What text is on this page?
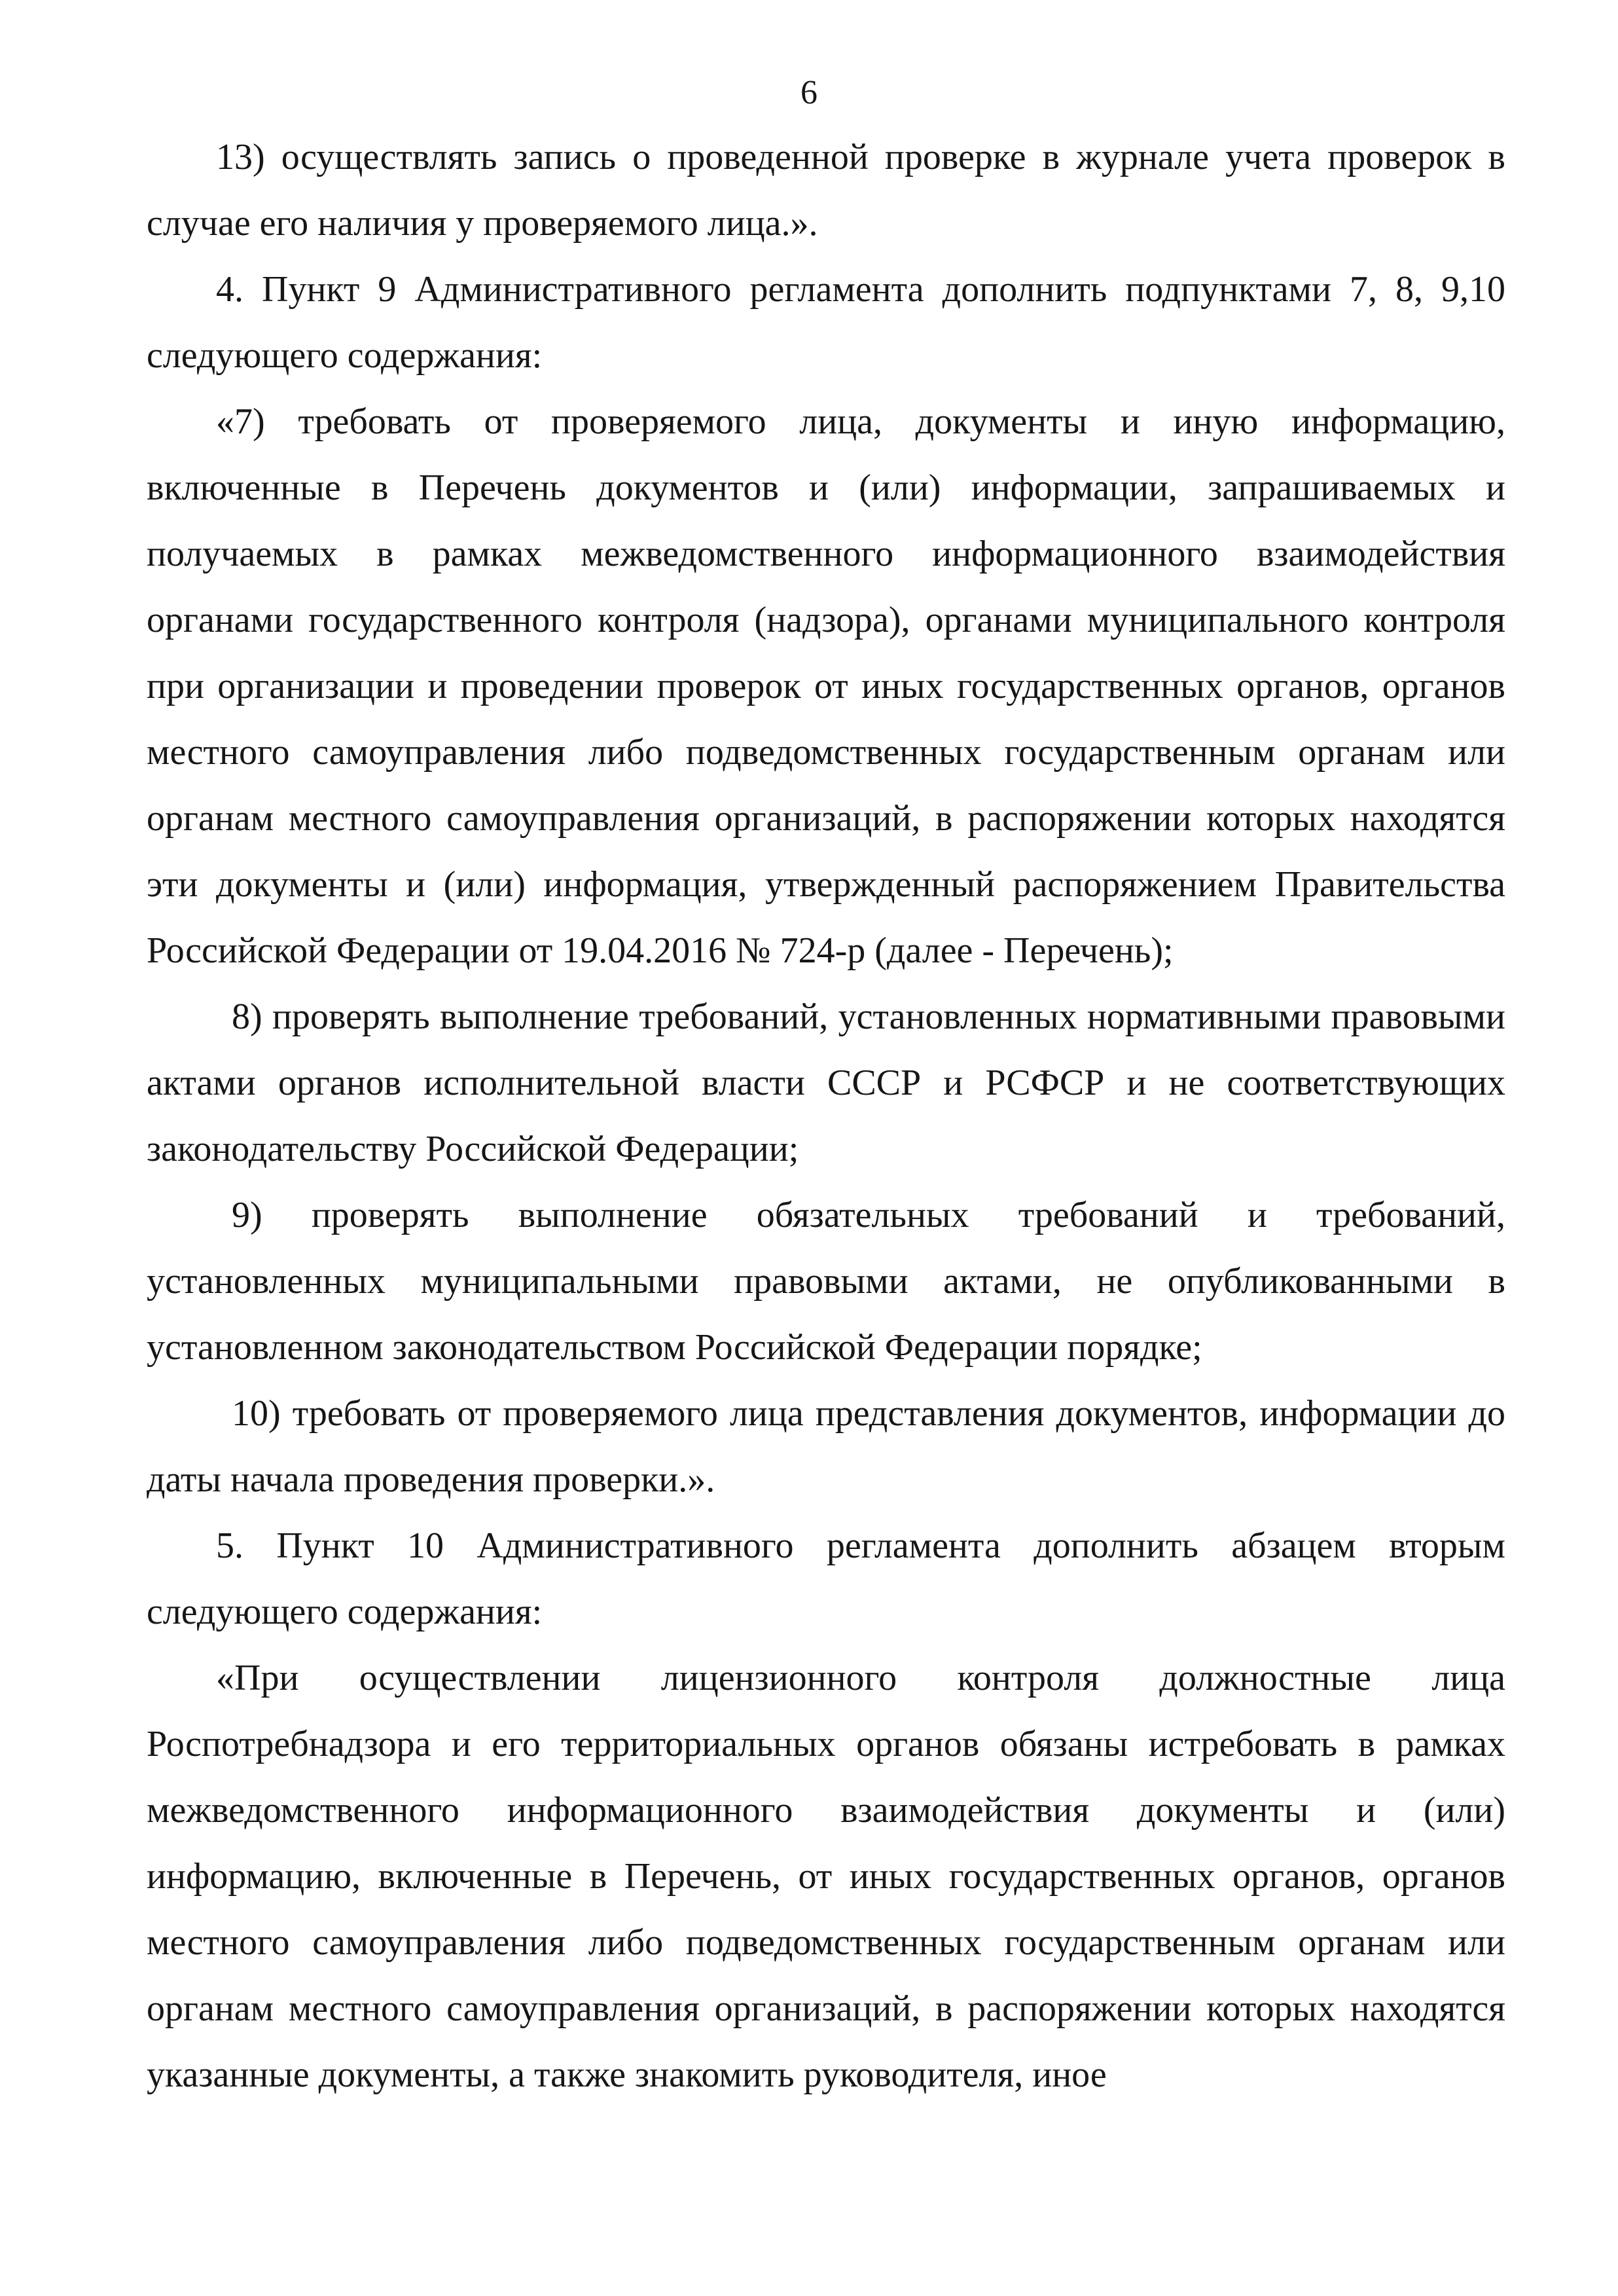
6

13) осуществлять запись о проведенной проверке в журнале учета проверок в случае его наличия у проверяемого лица.».

4. Пункт 9 Административного регламента дополнить подпунктами 7, 8, 9,10 следующего содержания:

«7) требовать от проверяемого лица, документы и иную информацию, включенные в Перечень документов и (или) информации, запрашиваемых и получаемых в рамках межведомственного информационного взаимодействия органами государственного контроля (надзора), органами муниципального контроля при организации и проведении проверок от иных государственных органов, органов местного самоуправления либо подведомственных государственным органам или органам местного самоуправления организаций, в распоряжении которых находятся эти документы и (или) информация, утвержденный распоряжением Правительства Российской Федерации от 19.04.2016 № 724-р (далее - Перечень);

8) проверять выполнение требований, установленных нормативными правовыми актами органов исполнительной власти СССР и РСФСР и не соответствующих законодательству Российской Федерации;

9) проверять выполнение обязательных требований и требований, установленных муниципальными правовыми актами, не опубликованными в установленном законодательством Российской Федерации порядке;

10) требовать от проверяемого лица представления документов, информации до даты начала проведения проверки.».

5. Пункт 10 Административного регламента дополнить абзацем вторым следующего содержания:

«При осуществлении лицензионного контроля должностные лица Роспотребнадзора и его территориальных органов обязаны истребовать в рамках межведомственного информационного взаимодействия документы и (или) информацию, включенные в Перечень, от иных государственных органов, органов местного самоуправления либо подведомственных государственным органам или органам местного самоуправления организаций, в распоряжении которых находятся указанные документы, а также знакомить руководителя, иное
